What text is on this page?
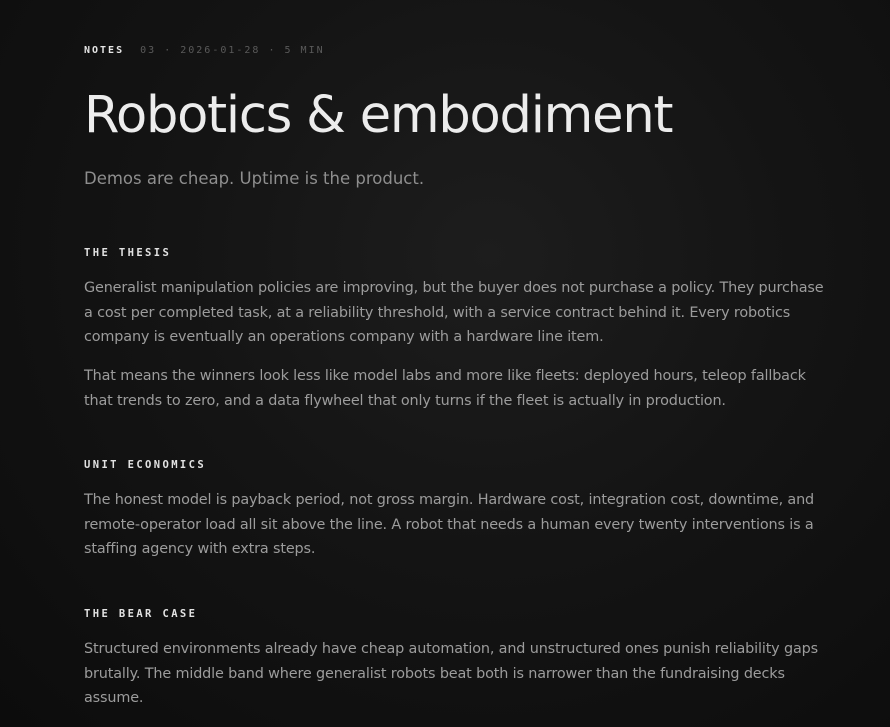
NOTES 03 · 2026-01-28 · 5 MIN
Robotics & embodiment

Demos are cheap. Uptime is the product.

THE THESIS

Generalist manipulation policies are improving, but the buyer does not purchase a policy. They purchase
a cost per completed task, at a reliability threshold, with a service contract behind it. Every robotics
company is eventually an operations company with a hardware line item.

That means the winners look less like model labs and more like fleets: deployed hours, teleop fallback
that trends to zero, and a data flywheel that only turns if the fleet is actually in production.

UNIT ECONOMICS

The honest model is payback period, not gross margin. Hardware cost, integration cost, downtime, and
remote-operator load all sit above the line. A robot that needs a human every twenty interventions is a
staffing agency with extra steps.

THE BEAR CASE

Structured environments already have cheap automation, and unstructured ones punish reliability gaps
brutally. The middle band where generalist robots beat both is narrower than the fundraising decks
assume.
